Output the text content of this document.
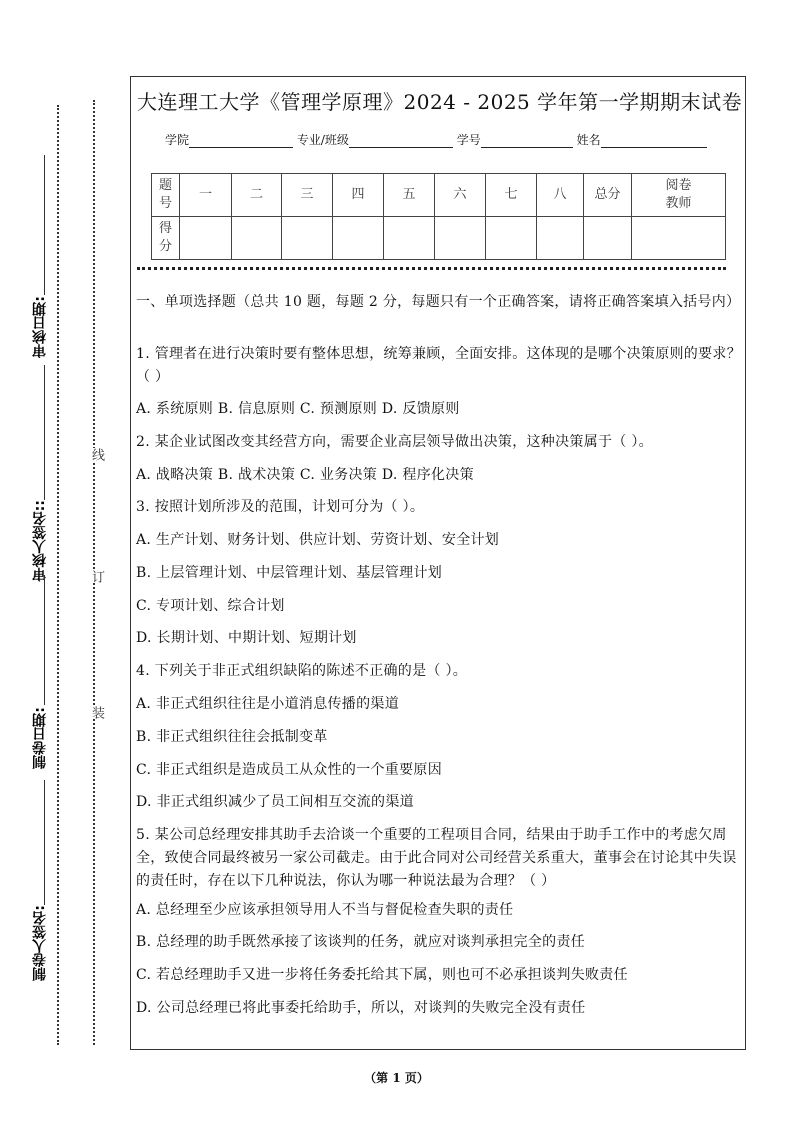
审核日期:
审核人签名::
制卷日期:
制卷人签名:
线
订
装
大连理工大学《管理学原理》2024 - 2025 学年第一学期期末试卷
学院	专业/班级	学号	姓名
题
号	一	二	三	四	五	六	七	八	总分	阅卷
教师
得
分										
一、单项选择题（总共 10 题，每题 2 分，每题只有一个正确答案，请将正确答案填入括号内）
1. 管理者在进行决策时要有整体思想，统筹兼顾，全面安排。这体现的是哪个决策原则的要求？（ ）
A. 系统原则 B. 信息原则 C. 预测原则 D. 反馈原则
2. 某企业试图改变其经营方向，需要企业高层领导做出决策，这种决策属于（ ）。
A. 战略决策 B. 战术决策 C. 业务决策 D. 程序化决策
3. 按照计划所涉及的范围，计划可分为（ ）。
A. 生产计划、财务计划、供应计划、劳资计划、安全计划
B. 上层管理计划、中层管理计划、基层管理计划
C. 专项计划、综合计划
D. 长期计划、中期计划、短期计划
4. 下列关于非正式组织缺陷的陈述不正确的是（ ）。
A. 非正式组织往往是小道消息传播的渠道
B. 非正式组织往往会抵制变革
C. 非正式组织是造成员工从众性的一个重要原因
D. 非正式组织减少了员工间相互交流的渠道
5. 某公司总经理安排其助手去洽谈一个重要的工程项目合同，结果由于助手工作中的考虑欠周全，致使合同最终被另一家公司截走。由于此合同对公司经营关系重大，董事会在讨论其中失误的责任时，存在以下几种说法，你认为哪一种说法最为合理？（ ）
A. 总经理至少应该承担领导用人不当与督促检查失职的责任
B. 总经理的助手既然承接了该谈判的任务，就应对谈判承担完全的责任
C. 若总经理助手又进一步将任务委托给其下属，则也可不必承担谈判失败责任
D. 公司总经理已将此事委托给助手，所以，对谈判的失败完全没有责任
（第 1 页）
